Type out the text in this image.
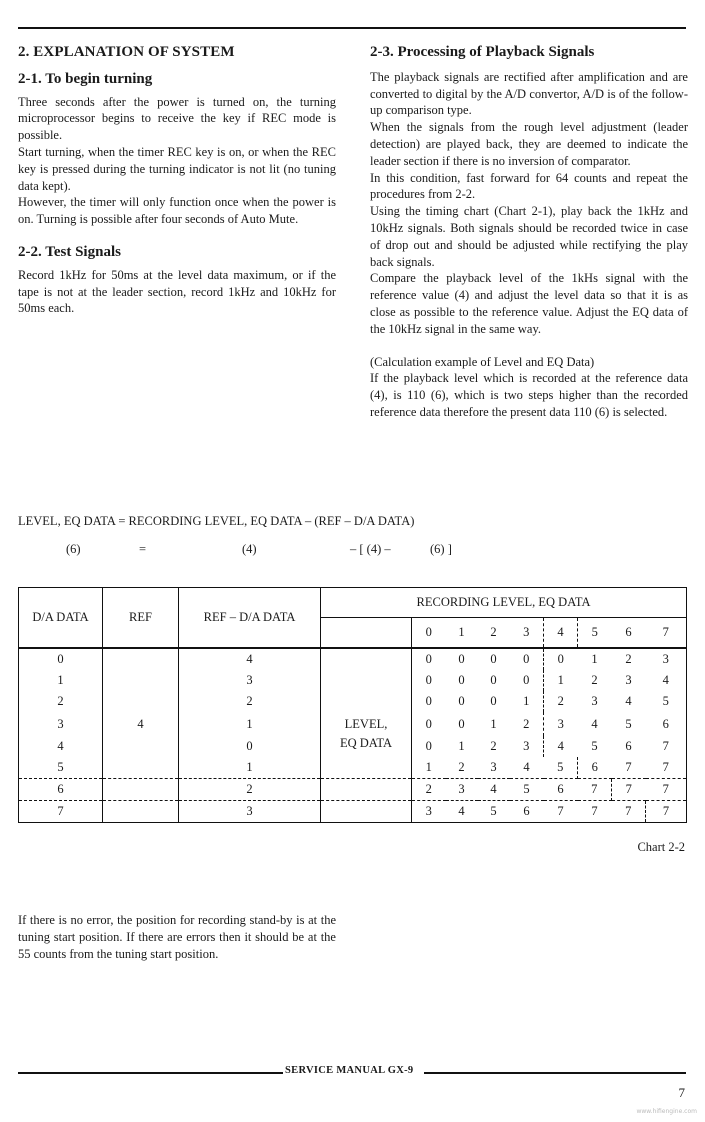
2. EXPLANATION OF SYSTEM
2-1. To begin turning

Three seconds after the power is turned on, the turning microprocessor begins to receive the key if REC mode is possible.

Start turning, when the timer REC key is on, or when the REC key is pressed during the turning indicator is not lit (no tuning data kept).

However, the timer will only function once when the power is on. Turning is possible after four seconds of Auto Mute.

2-2. Test Signals

Record 1kHz for 50ms at the level data maximum, or if the tape is not at the leader section, record 1kHz and 10kHz for 50ms each.

2-3. Processing of Playback Signals

The playback signals are rectified after amplification and are converted to digital by the A/D convertor, A/D is of the follow-up comparison type.

When the signals from the rough level adjustment (leader detection) are played back, they are deemed to indicate the leader section if there is no inversion of comparator.

In this condition, fast forward for 64 counts and repeat the procedures from 2-2.

Using the timing chart (Chart 2-1), play back the 1kHz and 10kHz signals. Both signals should be recorded twice in case of drop out and should be adjusted while rectifying the play back signals.

Compare the playback level of the 1kHs signal with the reference value (4) and adjust the level data so that it is as close as possible to the reference value. Adjust the EQ data of the 10kHz signal in the same way.

(Calculation example of Level and EQ Data)

If the playback level which is recorded at the reference data (4), is 110 (6), which is two steps higher than the recorded reference data therefore the present data 110 (6) is selected.

LEVEL, EQ DATA = RECORDING LEVEL, EQ DATA – (REF – D/A DATA)
(6)	=	(4)	– [ (4) –	(6) ]
D/A DATA	REF	REF – D/A DATA	RECORDING LEVEL, EQ DATA								
				0	1	2	3	4	5	6	7
0		4		0	0	0	0	0	1	2	3
1		3		0	0	0	0	1	2	3	4
2		2		0	0	0	1	2	3	4	5
3	4	1	LEVEL,	0	0	1	2	3	4	5	6
4		0	EQ DATA	0	1	2	3	4	5	6	7
5		1		1	2	3	4	5	6	7	7
6		2		2	3	4	5	6	7	7	7
7		3		3	4	5	6	7	7	7	7
Chart 2-2
If there is no error, the position for recording stand-by is at the tuning start position. If there are errors then it should be at the 55 counts from the tuning start position.
SERVICE MANUAL GX-9
7
www.hifiengine.com
